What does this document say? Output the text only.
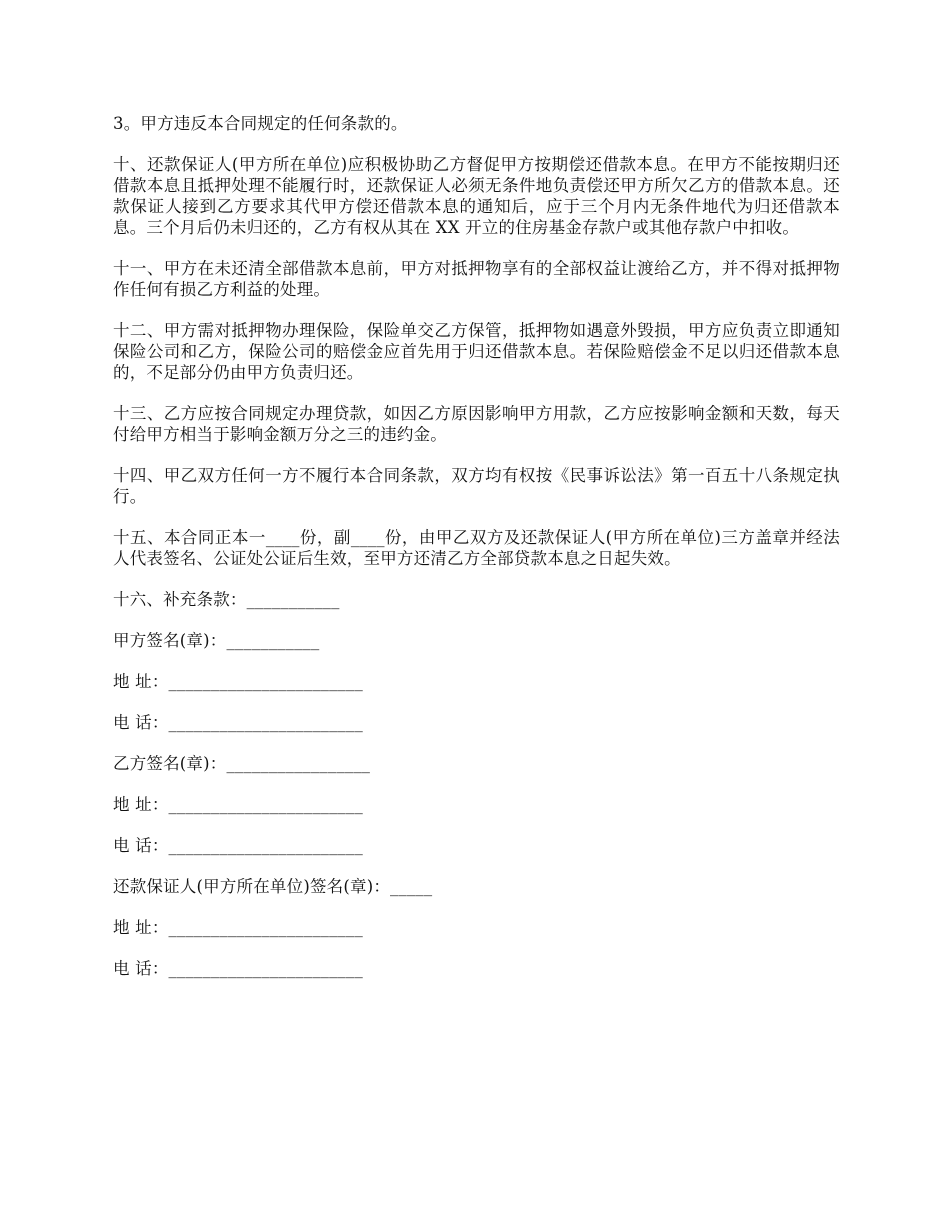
3。甲方违反本合同规定的任何条款的。

十、还款保证人(甲方所在单位)应积极协助乙方督促甲方按期偿还借款本息。在甲方不能按期归还借款本息且抵押处理不能履行时，还款保证人必须无条件地负责偿还甲方所欠乙方的借款本息。还款保证人接到乙方要求其代甲方偿还借款本息的通知后，应于三个月内无条件地代为归还借款本息。三个月后仍未归还的，乙方有权从其在 XX 开立的住房基金存款户或其他存款户中扣收。

十一、甲方在未还清全部借款本息前，甲方对抵押物享有的全部权益让渡给乙方，并不得对抵押物作任何有损乙方利益的处理。

十二、甲方需对抵押物办理保险，保险单交乙方保管，抵押物如遇意外毁损，甲方应负责立即通知保险公司和乙方，保险公司的赔偿金应首先用于归还借款本息。若保险赔偿金不足以归还借款本息的，不足部分仍由甲方负责归还。

十三、乙方应按合同规定办理贷款，如因乙方原因影响甲方用款，乙方应按影响金额和天数，每天付给甲方相当于影响金额万分之三的违约金。

十四、甲乙双方任何一方不履行本合同条款，双方均有权按《民事诉讼法》第一百五十八条规定执行。

十五、本合同正本一____份，副____份，由甲乙双方及还款保证人(甲方所在单位)三方盖章并经法人代表签名、公证处公证后生效，至甲方还清乙方全部贷款本息之日起失效。

十六、补充条款：___________

甲方签名(章)：___________

地 址：_______________________

电 话：_______________________

乙方签名(章)：_________________

地 址：_______________________

电 话：_______________________

还款保证人(甲方所在单位)签名(章)：_____

地 址：_______________________

电 话：_______________________
